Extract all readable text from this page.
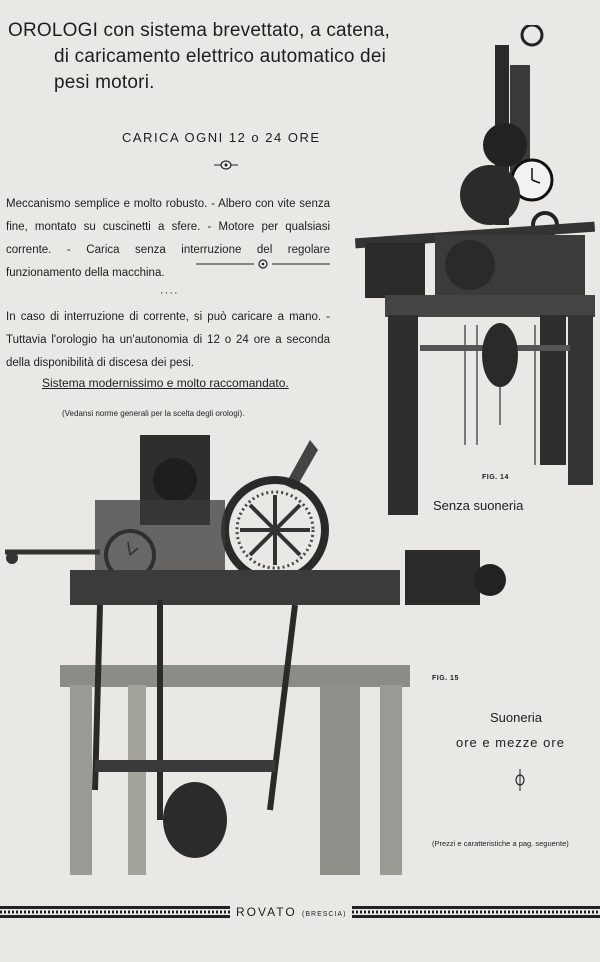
OROLOGI con sistema brevettato, a catena,
di caricamento elettrico automatico dei
pesi motori.
CARICA OGNI 12 o 24 ORE
Meccanismo semplice e molto robusto. - Albero con vite senza fine, montato su cuscinetti a sfere. - Motore per qualsiasi corrente. - Carica senza interruzione del regolare funzionamento della macchina.
····
In caso di interruzione di corrente, si può caricare a mano. - Tuttavia l'orologio ha un'autonomia di 12 o 24 ore a seconda della disponibilità di discesa dei pesi.
Sistema modernissimo e molto raccomandato.
(Vedansi norme generali per la scelta degli orologi).
FIG. 14
Senza suoneria
FIG. 15
Suoneria
ore e mezze ore
(Prezzi e caratteristiche a pag. seguente)
ROVATO (BRESCIA)
